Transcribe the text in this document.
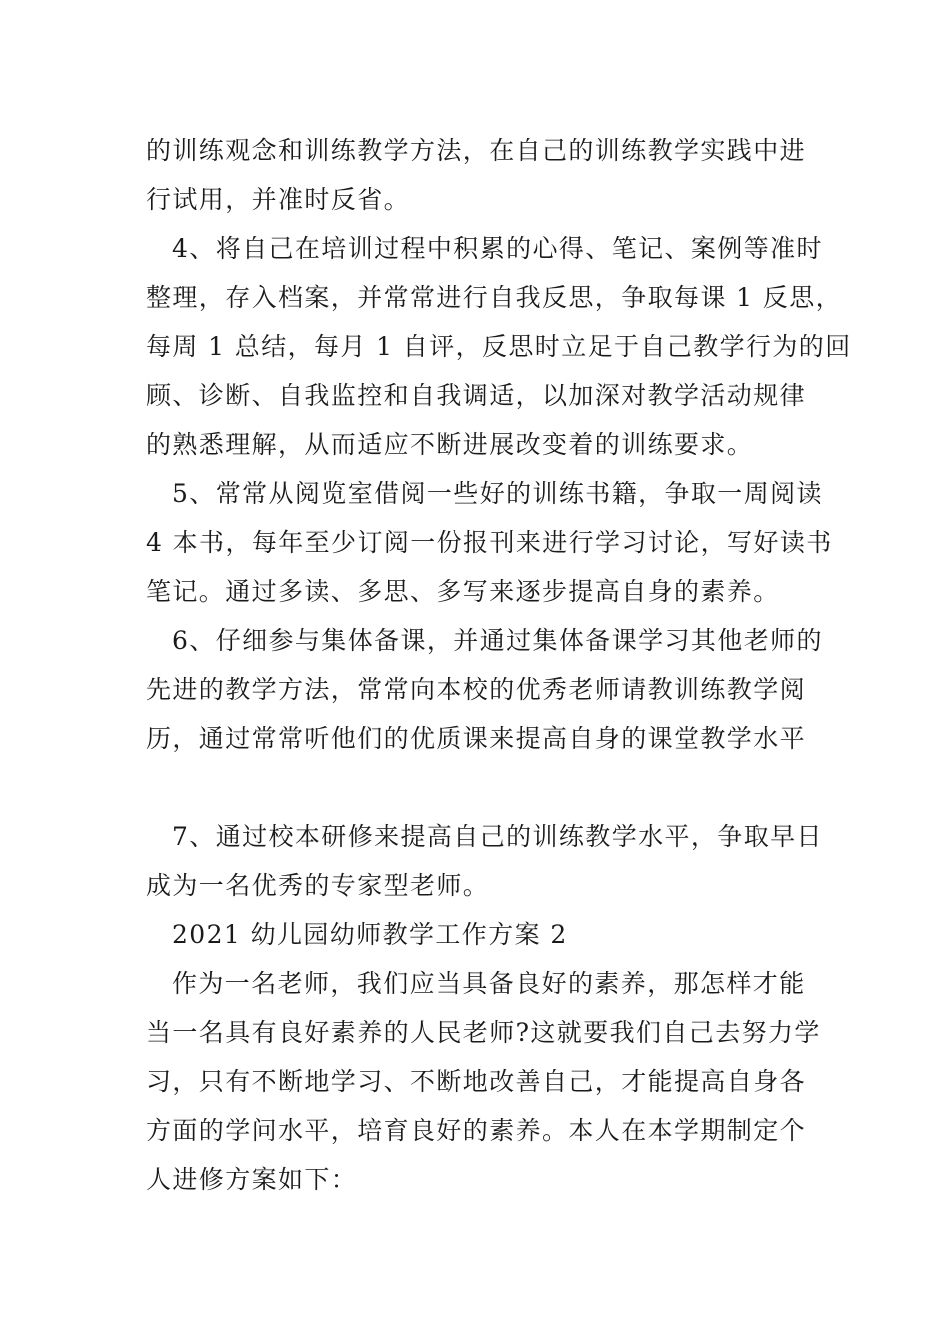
的训练观念和训练教学方法，在自己的训练教学实践中进
行试用，并准时反省。
4、将自己在培训过程中积累的心得、笔记、案例等准时
整理，存入档案，并常常进行自我反思，争取每课 1 反思，
每周 1 总结，每月 1 自评，反思时立足于自己教学行为的回
顾、诊断、自我监控和自我调适，以加深对教学活动规律
的熟悉理解，从而适应不断进展改变着的训练要求。
5、常常从阅览室借阅一些好的训练书籍，争取一周阅读
4 本书，每年至少订阅一份报刊来进行学习讨论，写好读书
笔记。通过多读、多思、多写来逐步提高自身的素养。
6、仔细参与集体备课，并通过集体备课学习其他老师的
先进的教学方法，常常向本校的优秀老师请教训练教学阅
历，通过常常听他们的优质课来提高自身的课堂教学水平
7、通过校本研修来提高自己的训练教学水平，争取早日
成为一名优秀的专家型老师。
2021 幼儿园幼师教学工作方案 2
作为一名老师，我们应当具备良好的素养，那怎样才能
当一名具有良好素养的人民老师?这就要我们自己去努力学
习，只有不断地学习、不断地改善自己，才能提高自身各
方面的学问水平，培育良好的素养。本人在本学期制定个
人进修方案如下：
